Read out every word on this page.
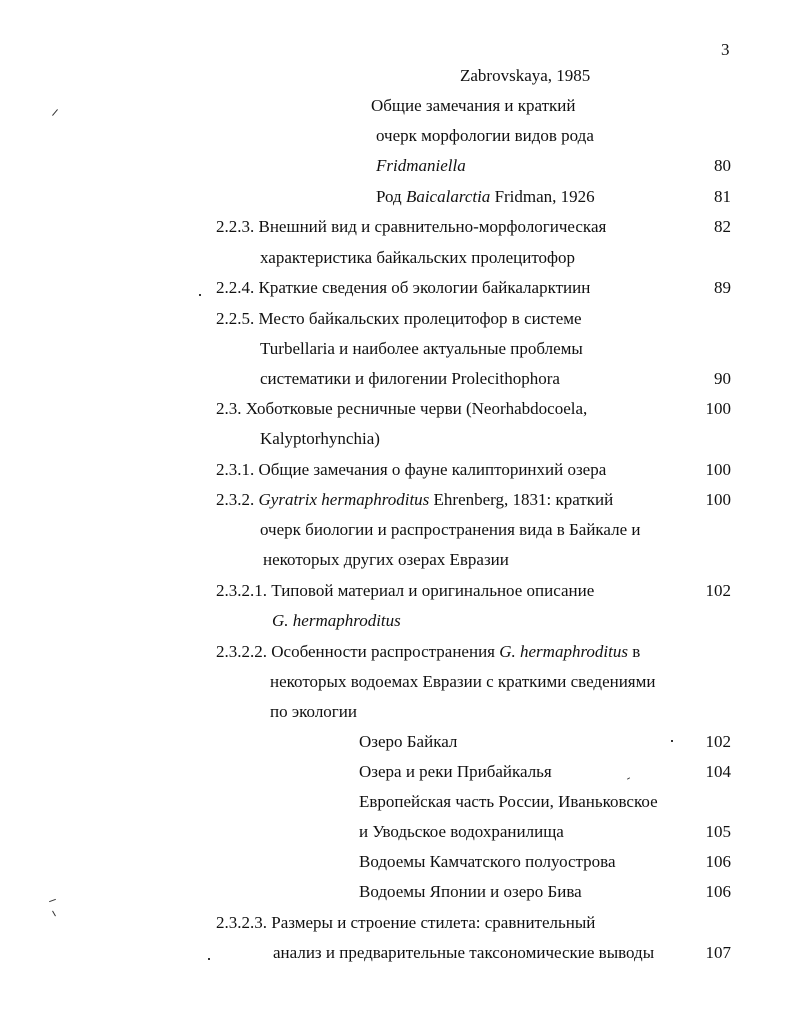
3
Zabrovskaya, 1985
Общие замечания и краткий
очерк морфологии видов рода
Fridmaniella	80
Род Baicalarctia Fridman, 1926	81
2.2.3. Внешний вид и сравнительно-морфологическая	82
характеристика байкальских пролецитофор
2.2.4. Краткие сведения об экологии байкаларктиин	89
2.2.5. Место байкальских пролецитофор в системе
Turbellaria и наиболее актуальные проблемы
систематики и филогении Prolecithophora	90
2.3. Хоботковые ресничные черви (Neorhabdocoela,	100
Kalyptorhynchia)
2.3.1. Общие замечания о фауне калипторинхий озера	100
2.3.2. Gyratrix hermaphroditus Ehrenberg, 1831: краткий	100
очерк биологии и распространения вида в Байкале и
некоторых других озерах Евразии
2.3.2.1. Типовой материал и оригинальное описание	102
G. hermaphroditus
2.3.2.2. Особенности распространения G. hermaphroditus в
некоторых водоемах Евразии с краткими сведениями
по экологии
Озеро Байкал	102
Озера и реки Прибайкалья	104
Европейская часть России, Иваньковское
и Уводьское водохранилища	105
Водоемы Камчатского полуострова	106
Водоемы Японии и озеро Бива	106
2.3.2.3. Размеры и строение стилета: сравнительный
анализ и предварительные таксономические выводы	107
